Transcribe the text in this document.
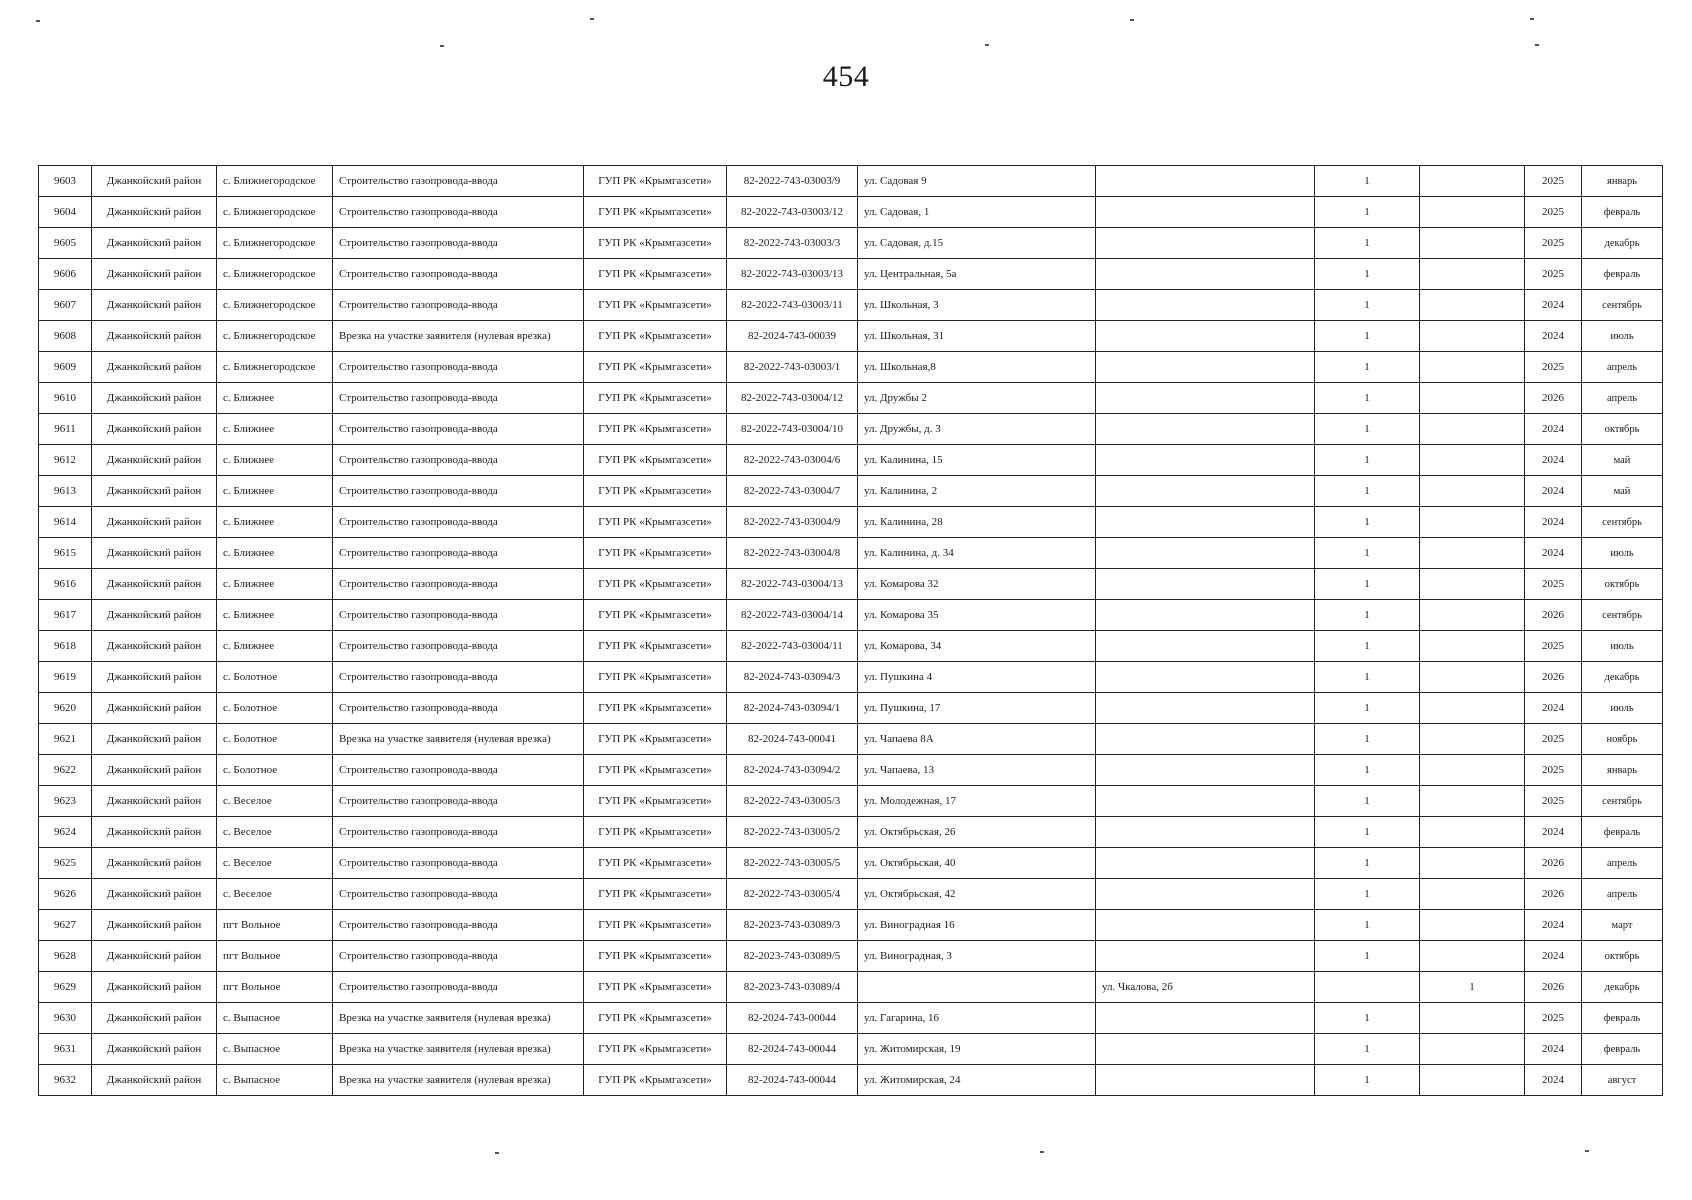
454
9603	Джанкойский район	с. Ближнегородское	Строительство газопровода-ввода	ГУП РК «Крымгазсети»	82-2022-743-03003/9	ул. Садовая 9		1		2025	январь
9604	Джанкойский район	с. Ближнегородское	Строительство газопровода-ввода	ГУП РК «Крымгазсети»	82-2022-743-03003/12	ул. Садовая, 1		1		2025	февраль
9605	Джанкойский район	с. Ближнегородское	Строительство газопровода-ввода	ГУП РК «Крымгазсети»	82-2022-743-03003/3	ул. Садовая, д.15		1		2025	декабрь
9606	Джанкойский район	с. Ближнегородское	Строительство газопровода-ввода	ГУП РК «Крымгазсети»	82-2022-743-03003/13	ул. Центральная, 5а		1		2025	февраль
9607	Джанкойский район	с. Ближнегородское	Строительство газопровода-ввода	ГУП РК «Крымгазсети»	82-2022-743-03003/11	ул. Школьная, 3		1		2024	сентябрь
9608	Джанкойский район	с. Ближнегородское	Врезка на участке заявителя (нулевая врезка)	ГУП РК «Крымгазсети»	82-2024-743-00039	ул. Школьная, 31		1		2024	июль
9609	Джанкойский район	с. Ближнегородское	Строительство газопровода-ввода	ГУП РК «Крымгазсети»	82-2022-743-03003/1	ул. Школьная,8		1		2025	апрель
9610	Джанкойский район	с. Ближнее	Строительство газопровода-ввода	ГУП РК «Крымгазсети»	82-2022-743-03004/12	ул. Дружбы 2		1		2026	апрель
9611	Джанкойский район	с. Ближнее	Строительство газопровода-ввода	ГУП РК «Крымгазсети»	82-2022-743-03004/10	ул. Дружбы, д. 3		1		2024	октябрь
9612	Джанкойский район	с. Ближнее	Строительство газопровода-ввода	ГУП РК «Крымгазсети»	82-2022-743-03004/6	ул. Калинина, 15		1		2024	май
9613	Джанкойский район	с. Ближнее	Строительство газопровода-ввода	ГУП РК «Крымгазсети»	82-2022-743-03004/7	ул. Калинина, 2		1		2024	май
9614	Джанкойский район	с. Ближнее	Строительство газопровода-ввода	ГУП РК «Крымгазсети»	82-2022-743-03004/9	ул. Калинина, 28		1		2024	сентябрь
9615	Джанкойский район	с. Ближнее	Строительство газопровода-ввода	ГУП РК «Крымгазсети»	82-2022-743-03004/8	ул. Калинина, д. 34		1		2024	июль
9616	Джанкойский район	с. Ближнее	Строительство газопровода-ввода	ГУП РК «Крымгазсети»	82-2022-743-03004/13	ул. Комарова 32		1		2025	октябрь
9617	Джанкойский район	с. Ближнее	Строительство газопровода-ввода	ГУП РК «Крымгазсети»	82-2022-743-03004/14	ул. Комарова 35		1		2026	сентябрь
9618	Джанкойский район	с. Ближнее	Строительство газопровода-ввода	ГУП РК «Крымгазсети»	82-2022-743-03004/11	ул. Комарова, 34		1		2025	июль
9619	Джанкойский район	с. Болотное	Строительство газопровода-ввода	ГУП РК «Крымгазсети»	82-2024-743-03094/3	ул. Пушкина 4		1		2026	декабрь
9620	Джанкойский район	с. Болотное	Строительство газопровода-ввода	ГУП РК «Крымгазсети»	82-2024-743-03094/1	ул. Пушкина, 17		1		2024	июль
9621	Джанкойский район	с. Болотное	Врезка на участке заявителя (нулевая врезка)	ГУП РК «Крымгазсети»	82-2024-743-00041	ул. Чапаева 8А		1		2025	ноябрь
9622	Джанкойский район	с. Болотное	Строительство газопровода-ввода	ГУП РК «Крымгазсети»	82-2024-743-03094/2	ул. Чапаева, 13		1		2025	январь
9623	Джанкойский район	с. Веселое	Строительство газопровода-ввода	ГУП РК «Крымгазсети»	82-2022-743-03005/3	ул. Молодежная, 17		1		2025	сентябрь
9624	Джанкойский район	с. Веселое	Строительство газопровода-ввода	ГУП РК «Крымгазсети»	82-2022-743-03005/2	ул. Октябрьская, 26		1		2024	февраль
9625	Джанкойский район	с. Веселое	Строительство газопровода-ввода	ГУП РК «Крымгазсети»	82-2022-743-03005/5	ул. Октябрьская, 40		1		2026	апрель
9626	Джанкойский район	с. Веселое	Строительство газопровода-ввода	ГУП РК «Крымгазсети»	82-2022-743-03005/4	ул. Октябрьская, 42		1		2026	апрель
9627	Джанкойский район	пгт Вольное	Строительство газопровода-ввода	ГУП РК «Крымгазсети»	82-2023-743-03089/3	ул. Виноградная 16		1		2024	март
9628	Джанкойский район	пгт Вольное	Строительство газопровода-ввода	ГУП РК «Крымгазсети»	82-2023-743-03089/5	ул. Виноградная, 3		1		2024	октябрь
9629	Джанкойский район	пгт Вольное	Строительство газопровода-ввода	ГУП РК «Крымгазсети»	82-2023-743-03089/4		ул. Чкалова, 2б		1	2026	декабрь
9630	Джанкойский район	с. Выпасное	Врезка на участке заявителя (нулевая врезка)	ГУП РК «Крымгазсети»	82-2024-743-00044	ул. Гагарина, 16		1		2025	февраль
9631	Джанкойский район	с. Выпасное	Врезка на участке заявителя (нулевая врезка)	ГУП РК «Крымгазсети»	82-2024-743-00044	ул. Житомирская, 19		1		2024	февраль
9632	Джанкойский район	с. Выпасное	Врезка на участке заявителя (нулевая врезка)	ГУП РК «Крымгазсети»	82-2024-743-00044	ул. Житомирская, 24		1		2024	август
